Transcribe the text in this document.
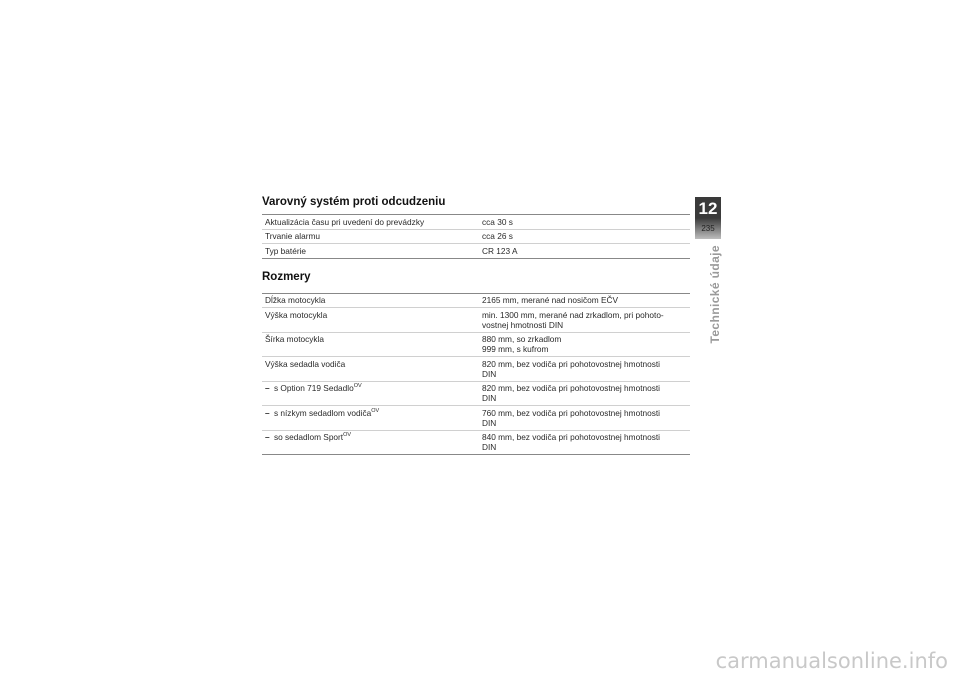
Varovný systém proti odcudzeniu
Aktualizácia času pri uvedení do prevádzky	cca 30 s
Trvanie alarmu	cca 26 s
Typ batérie	CR 123 A
Rozmery
Dĺžka motocykla	2165 mm, merané nad nosičom EČV
Výška motocykla	min. 1300 mm, merané nad zrkadlom, pri pohoto-
vostnej hmotnosti DIN

Šírka motocykla	880 mm, so zrkadlom
999 mm, s kufrom

Výška sedadla vodiča	820 mm, bez vodiča pri pohotovostnej hmotnosti
DIN

– s Option 719 Sedadlo$^{OV}$	820 mm, bez vodiča pri pohotovostnej hmotnosti
DIN

– s nízkym sedadlom vodiča$^{OV}$	760 mm, bez vodiča pri pohotovostnej hmotnosti
DIN

– so sedadlom Sport$^{OV}$	840 mm, bez vodiča pri pohotovostnej hmotnosti
DIN
12
235
Technické údaje
carmanualsonline.info
